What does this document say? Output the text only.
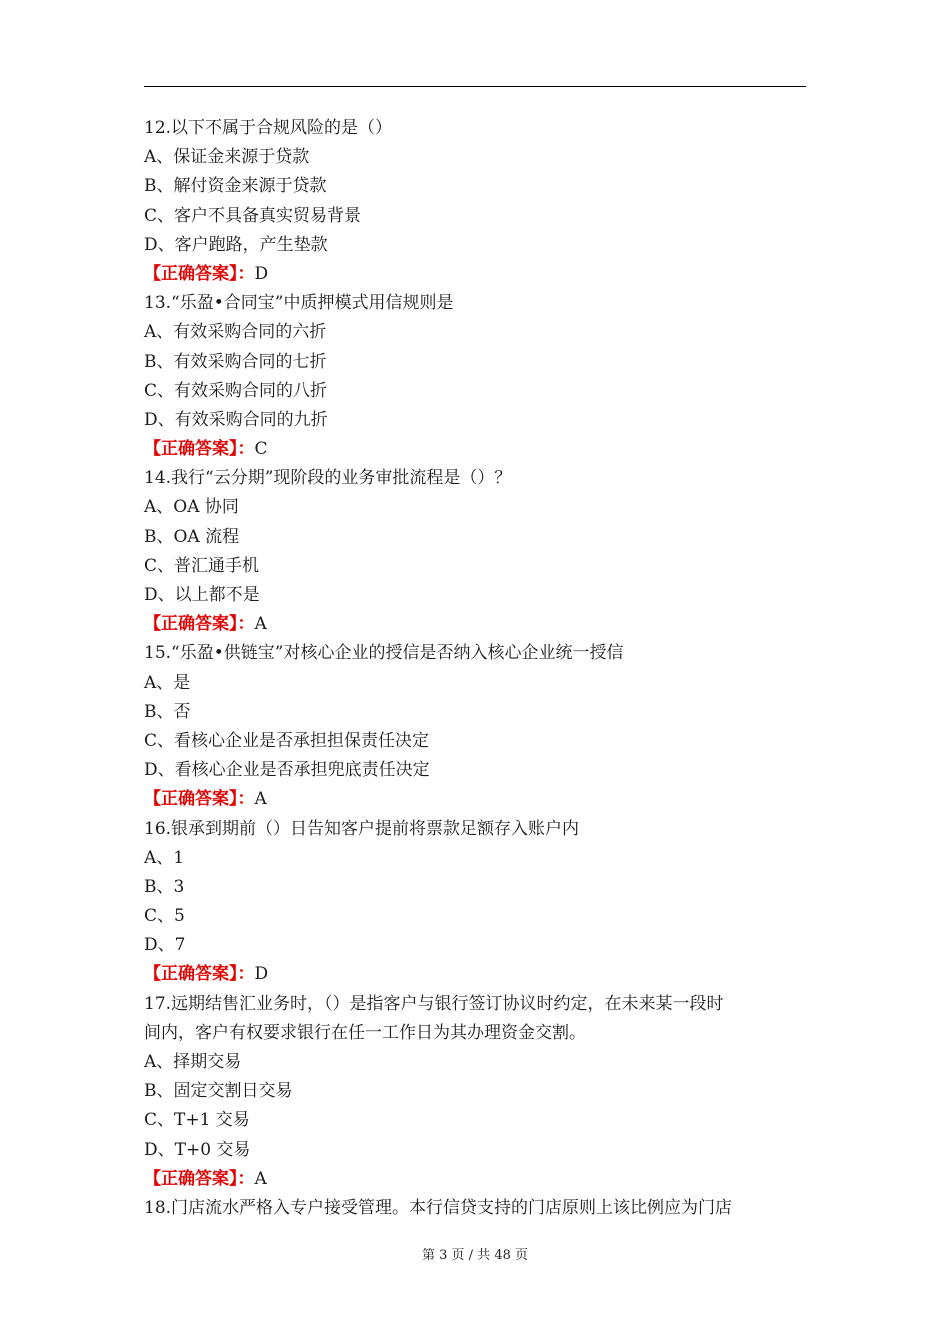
12.以下不属于合规风险的是（）
A、保证金来源于贷款
B、解付资金来源于贷款
C、客户不具备真实贸易背景
D、客户跑路，产生垫款
【正确答案】：D
13.“乐盈•合同宝”中质押模式用信规则是
A、有效采购合同的六折
B、有效采购合同的七折
C、有效采购合同的八折
D、有效采购合同的九折
【正确答案】：C
14.我行“云分期”现阶段的业务审批流程是（）？
A、OA 协同
B、OA 流程
C、普汇通手机
D、以上都不是
【正确答案】：A
15.“乐盈•供链宝”对核心企业的授信是否纳入核心企业统一授信
A、是
B、否
C、看核心企业是否承担担保责任决定
D、看核心企业是否承担兜底责任决定
【正确答案】：A
16.银承到期前（）日告知客户提前将票款足额存入账户内
A、1
B、3
C、5
D、7
【正确答案】：D
17.远期结售汇业务时，（）是指客户与银行签订协议时约定，在未来某一段时
间内，客户有权要求银行在任一工作日为其办理资金交割。
A、择期交易
B、固定交割日交易
C、T+1 交易
D、T+0 交易
【正确答案】：A
18.门店流水严格入专户接受管理。本行信贷支持的门店原则上该比例应为门店
第 3 页 / 共 48 页
